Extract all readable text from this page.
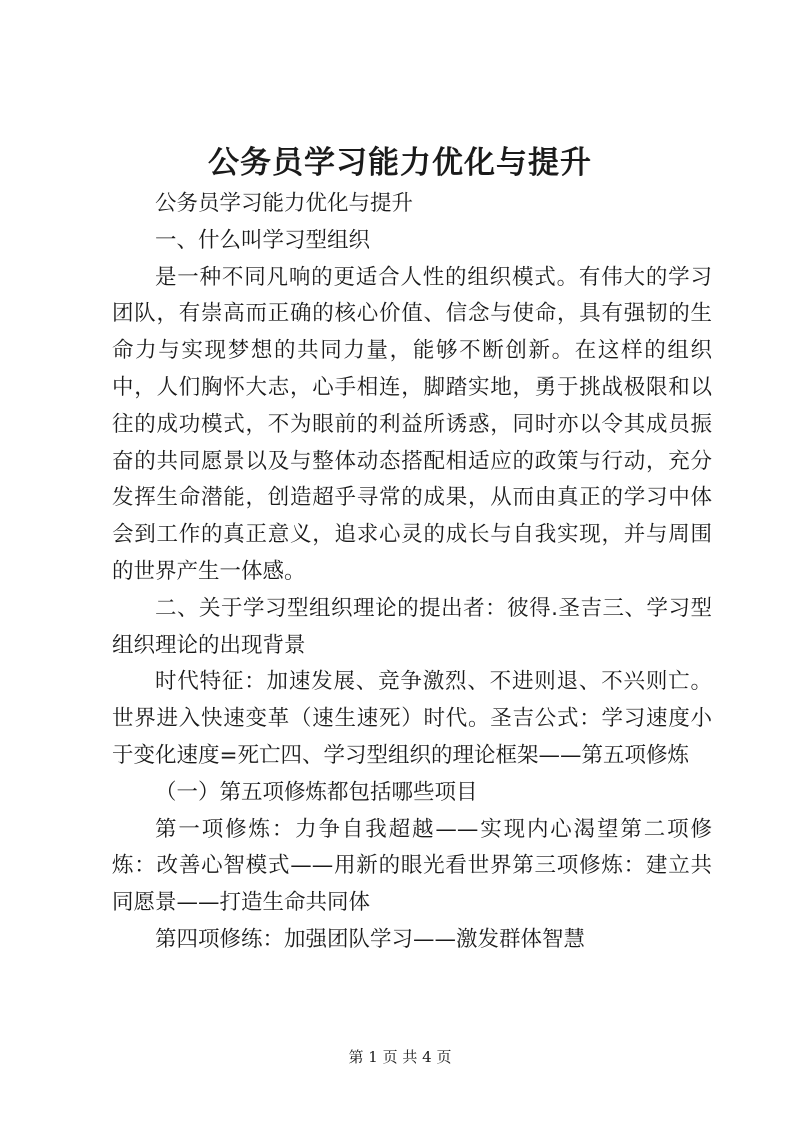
公务员学习能力优化与提升

公务员学习能力优化与提升

一、什么叫学习型组织

是一种不同凡响的更适合人性的组织模式。有伟大的学习团队，有崇高而正确的核心价值、信念与使命，具有强韧的生命力与实现梦想的共同力量，能够不断创新。在这样的组织中，人们胸怀大志，心手相连，脚踏实地，勇于挑战极限和以往的成功模式，不为眼前的利益所诱惑，同时亦以令其成员振奋的共同愿景以及与整体动态搭配相适应的政策与行动，充分发挥生命潜能，创造超乎寻常的成果，从而由真正的学习中体会到工作的真正意义，追求心灵的成长与自我实现，并与周围的世界产生一体感。

二、关于学习型组织理论的提出者：彼得.圣吉三、学习型组织理论的出现背景

时代特征：加速发展、竞争激烈、不进则退、不兴则亡。世界进入快速变革（速生速死）时代。圣吉公式：学习速度小于变化速度=死亡四、学习型组织的理论框架——第五项修炼

（一）第五项修炼都包括哪些项目

第一项修炼：力争自我超越——实现内心渴望第二项修炼：改善心智模式——用新的眼光看世界第三项修炼：建立共同愿景——打造生命共同体

第四项修练：加强团队学习——激发群体智慧

第 1 页 共 4 页
